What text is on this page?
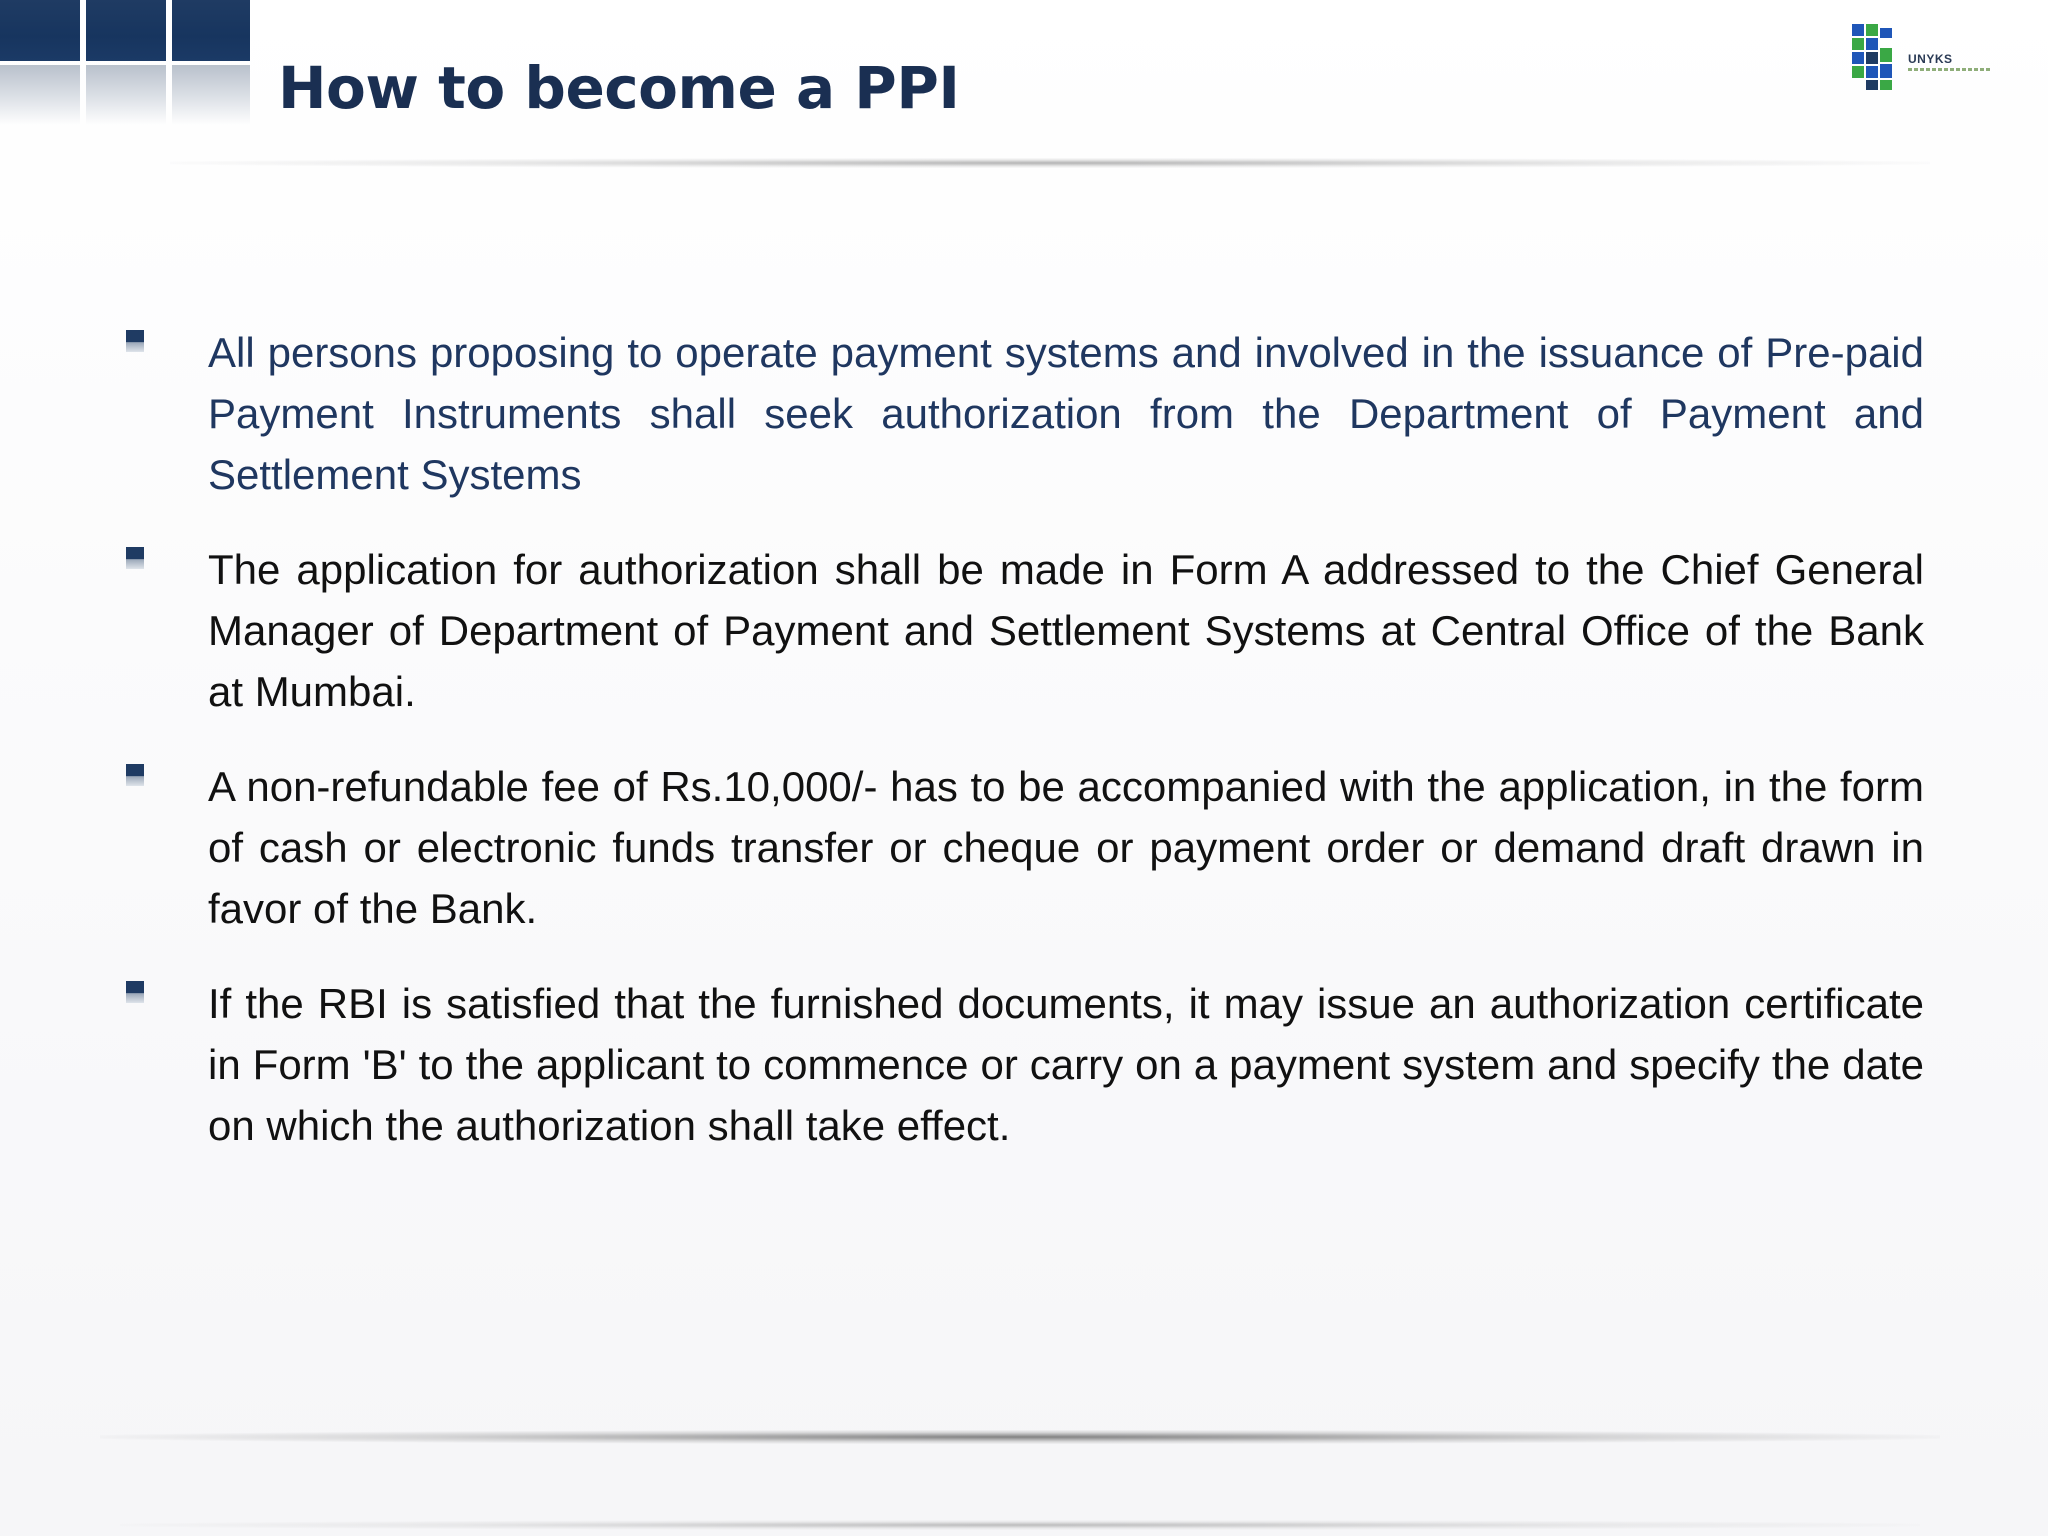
How to become a PPI	UNYKS
All persons proposing to operate payment systems and involved in the issuance of Pre-paid Payment Instruments shall seek authorization from the Department of Payment and Settlement Systems
The application for authorization shall be made in Form A addressed to the Chief General Manager of Department of Payment and Settlement Systems at Central Office of the Bank at Mumbai.
A non-refundable fee of Rs.10,000/- has to be accompanied with the application, in the form of cash or electronic funds transfer or cheque or payment order or demand draft drawn in favor of the Bank.
If the RBI is satisfied that the furnished documents, it may issue an authorization certificate in Form 'B' to the applicant to commence or carry on a payment system and specify the date on which the authorization shall take effect.
